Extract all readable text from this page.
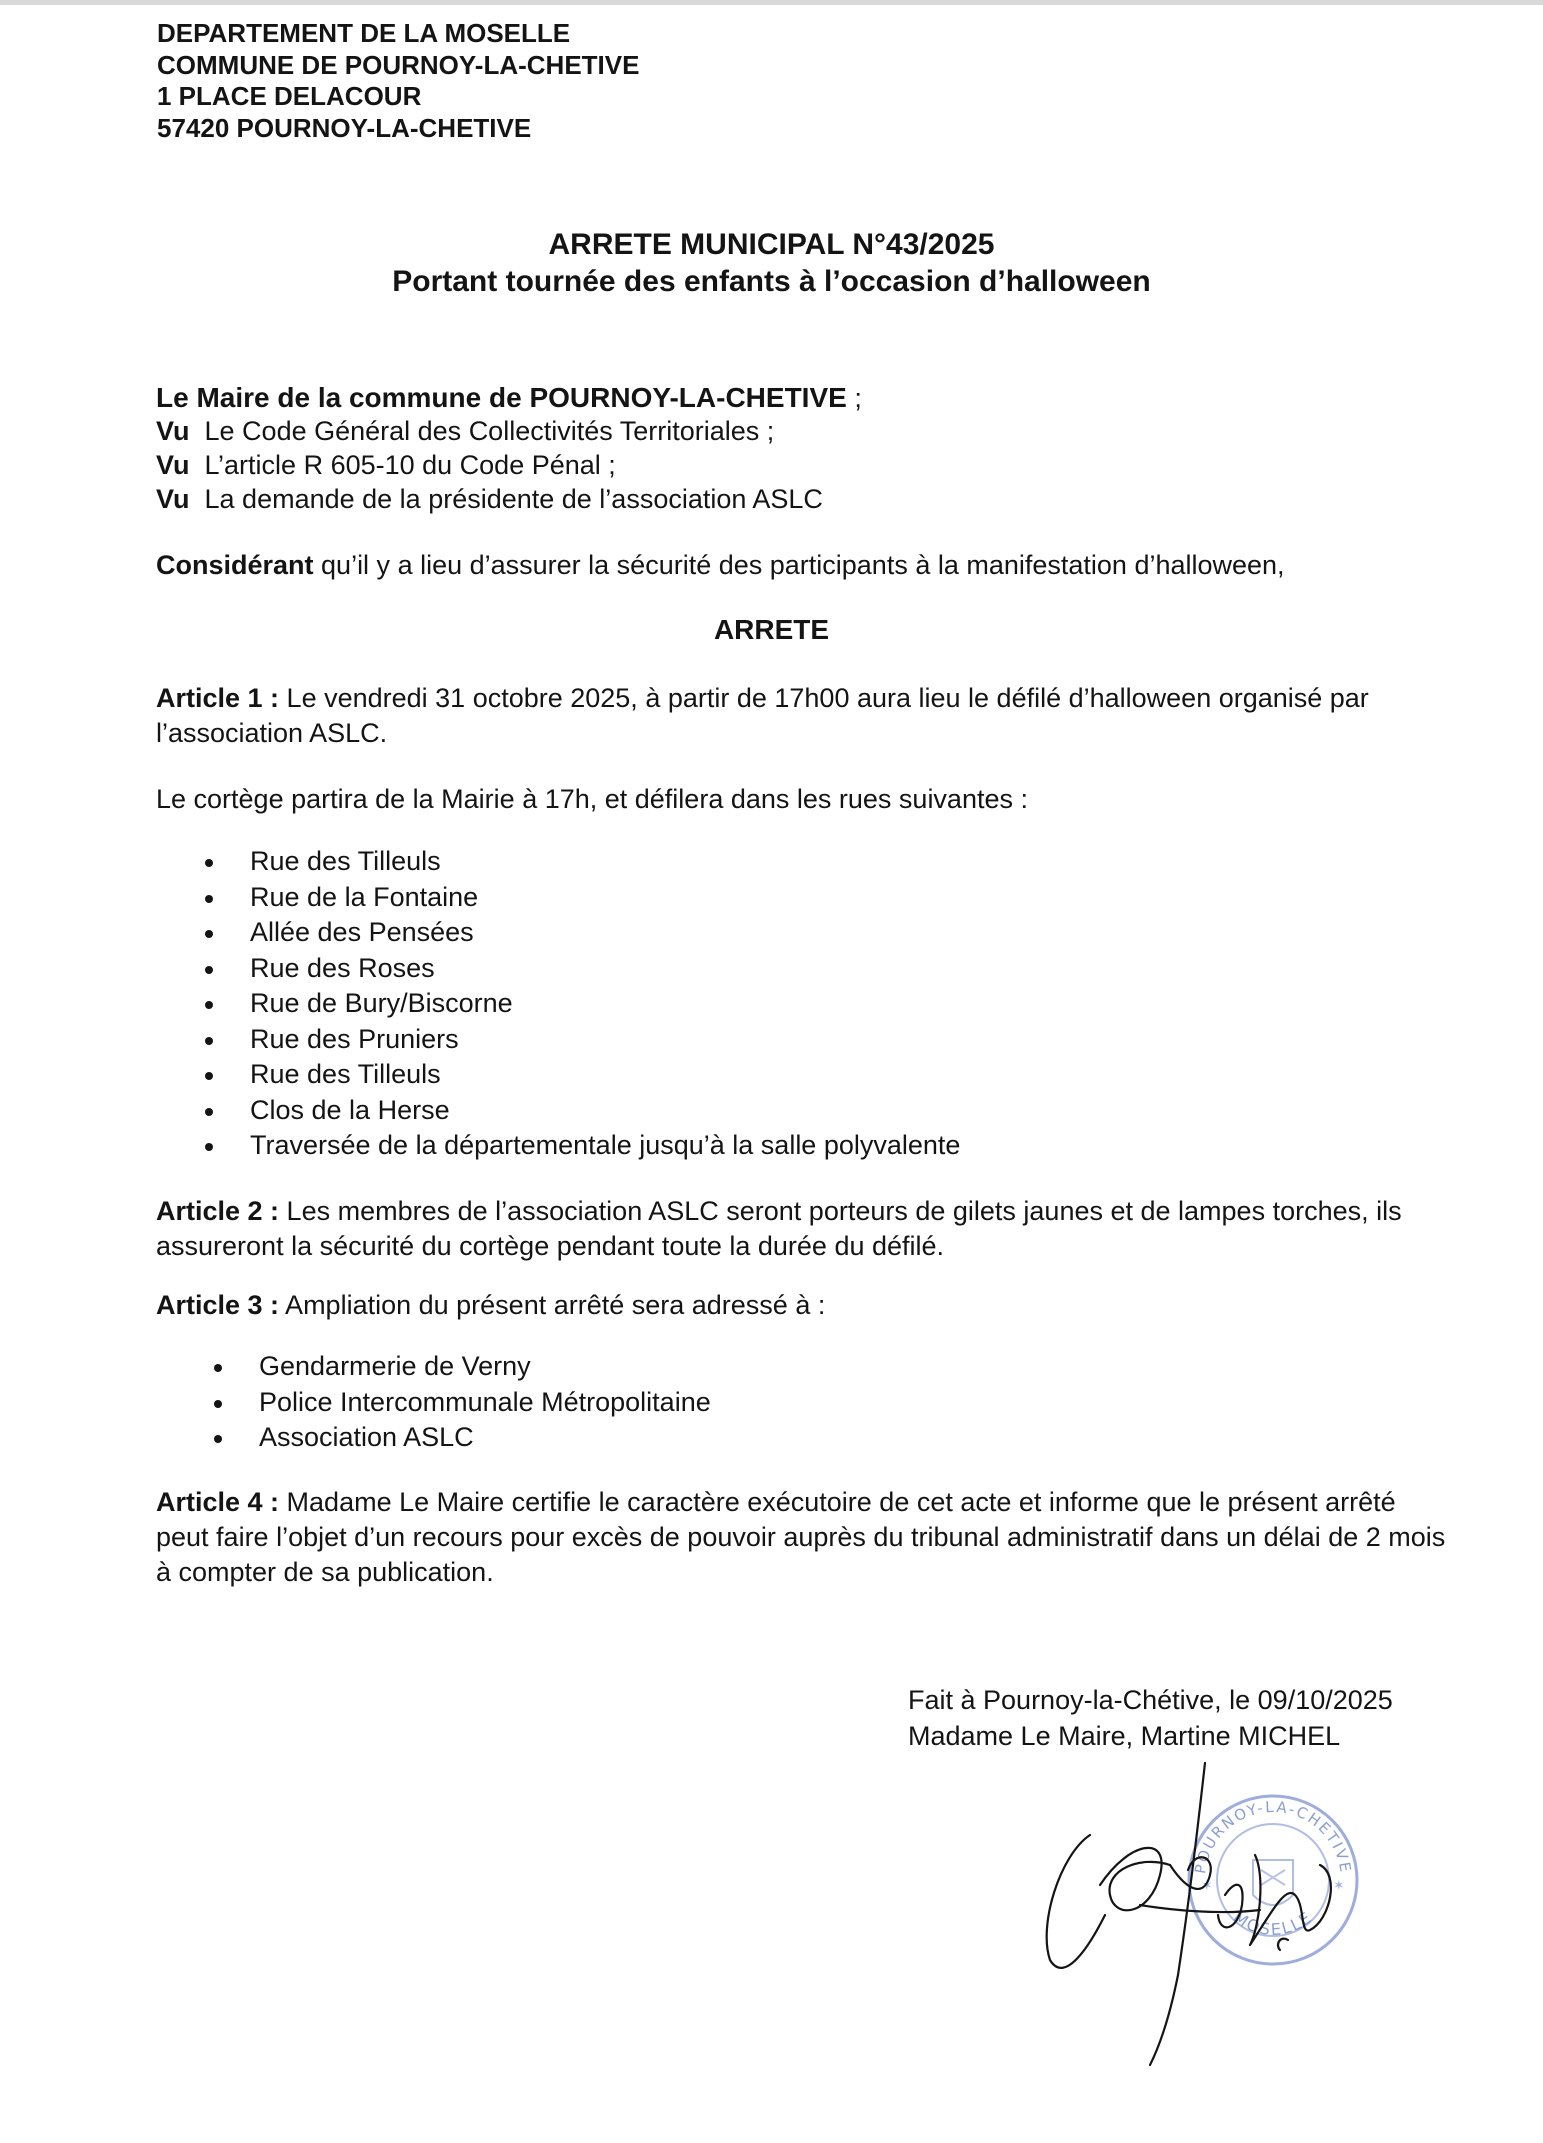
DEPARTEMENT DE LA MOSELLE
COMMUNE DE POURNOY-LA-CHETIVE
1 PLACE DELACOUR
57420 POURNOY-LA-CHETIVE
ARRETE MUNICIPAL N°43/2025
Portant tournée des enfants à l’occasion d’halloween
Le Maire de la commune de POURNOY-LA-CHETIVE ;
Vu Le Code Général des Collectivités Territoriales ;
Vu L’article R 605-10 du Code Pénal ;
Vu La demande de la présidente de l’association ASLC
Considérant qu’il y a lieu d’assurer la sécurité des participants à la manifestation d’halloween,
ARRETE
Article 1 : Le vendredi 31 octobre 2025, à partir de 17h00 aura lieu le défilé d’halloween organisé par l’association ASLC.
Le cortège partira de la Mairie à 17h, et défilera dans les rues suivantes :
Rue des Tilleuls
Rue de la Fontaine
Allée des Pensées
Rue des Roses
Rue de Bury/Biscorne
Rue des Pruniers
Rue des Tilleuls
Clos de la Herse
Traversée de la départementale jusqu’à la salle polyvalente
Article 2 : Les membres de l’association ASLC seront porteurs de gilets jaunes et de lampes torches, ils assureront la sécurité du cortège pendant toute la durée du défilé.
Article 3 : Ampliation du présent arrêté sera adressé à :
Gendarmerie de Verny
Police Intercommunale Métropolitaine
Association ASLC
Article 4 : Madame Le Maire certifie le caractère exécutoire de cet acte et informe que le présent arrêté peut faire l’objet d’un recours pour excès de pouvoir auprès du tribunal administratif dans un délai de 2 mois à compter de sa publication.
Fait à Pournoy-la-Chétive, le 09/10/2025
Madame Le Maire, Martine MICHEL
POURNOY-LA-CHETIVE
MOSELLE
✶
✶
